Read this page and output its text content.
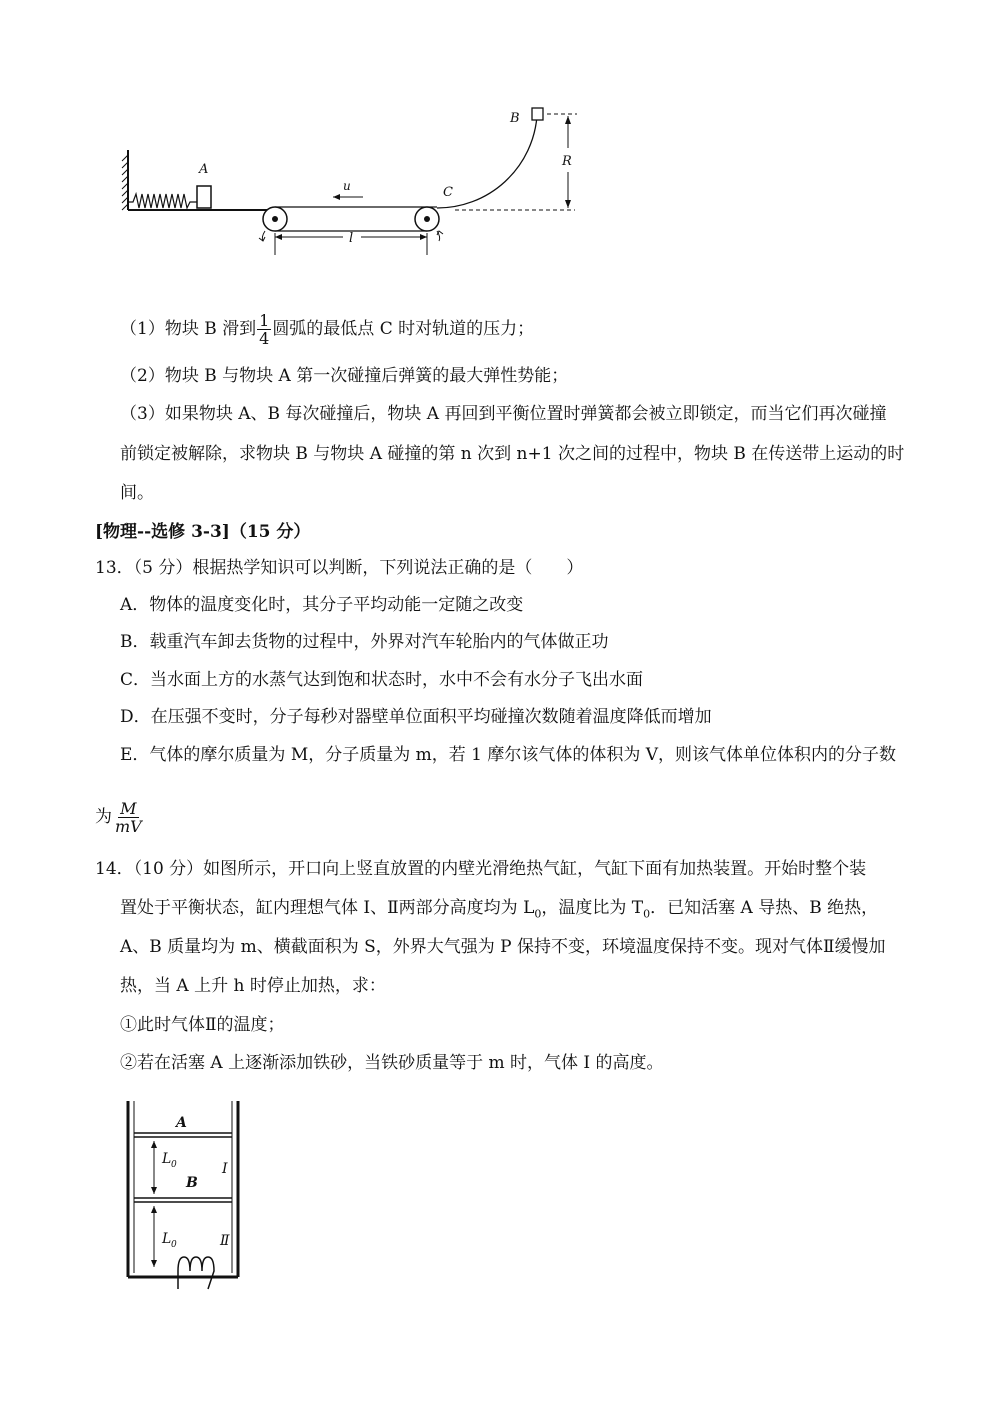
A
u
l
B
C
R
（1）物块 B 滑到 $\frac{1}{4}$ 圆弧的最低点 C 时对轨道的压力；
（2）物块 B 与物块 A 第一次碰撞后弹簧的最大弹性势能；
（3）如果物块 A、B 每次碰撞后，物块 A 再回到平衡位置时弹簧都会被立即锁定，而当它们再次碰撞
前锁定被解除，求物块 B 与物块 A 碰撞的第 n 次到 n+1 次之间的过程中，物块 B 在传送带上运动的时
间。
[物理--选修 3-3]（15 分）
13．（5 分）根据热学知识可以判断，下列说法正确的是（　　）
A．物体的温度变化时，其分子平均动能一定随之改变
B．载重汽车卸去货物的过程中，外界对汽车轮胎内的气体做正功
C．当水面上方的水蒸气达到饱和状态时，水中不会有水分子飞出水面
D．在压强不变时，分子每秒对器壁单位面积平均碰撞次数随着温度降低而增加
E．气体的摩尔质量为 M，分子质量为 m，若 1 摩尔该气体的体积为 V，则该气体单位体积内的分子数
为 $\frac{M}{mV}$
14．（10 分）如图所示，开口向上竖直放置的内壁光滑绝热气缸，气缸下面有加热装置。开始时整个装
置处于平衡状态，缸内理想气体 I、Ⅱ两部分高度均为 $L_0$，温度比为 $T_0$．已知活塞 A 导热、B 绝热，
A、B 质量均为 m、横截面积为 S，外界大气强为 P 保持不变，环境温度保持不变。现对气体Ⅱ缓慢加
热，当 A 上升 h 时停止加热，求：
①此时气体Ⅱ的温度；
②若在活塞 A 上逐渐添加铁砂，当铁砂质量等于 m 时，气体 I 的高度。
A
L 0
B
I
L 0	Ⅱ
